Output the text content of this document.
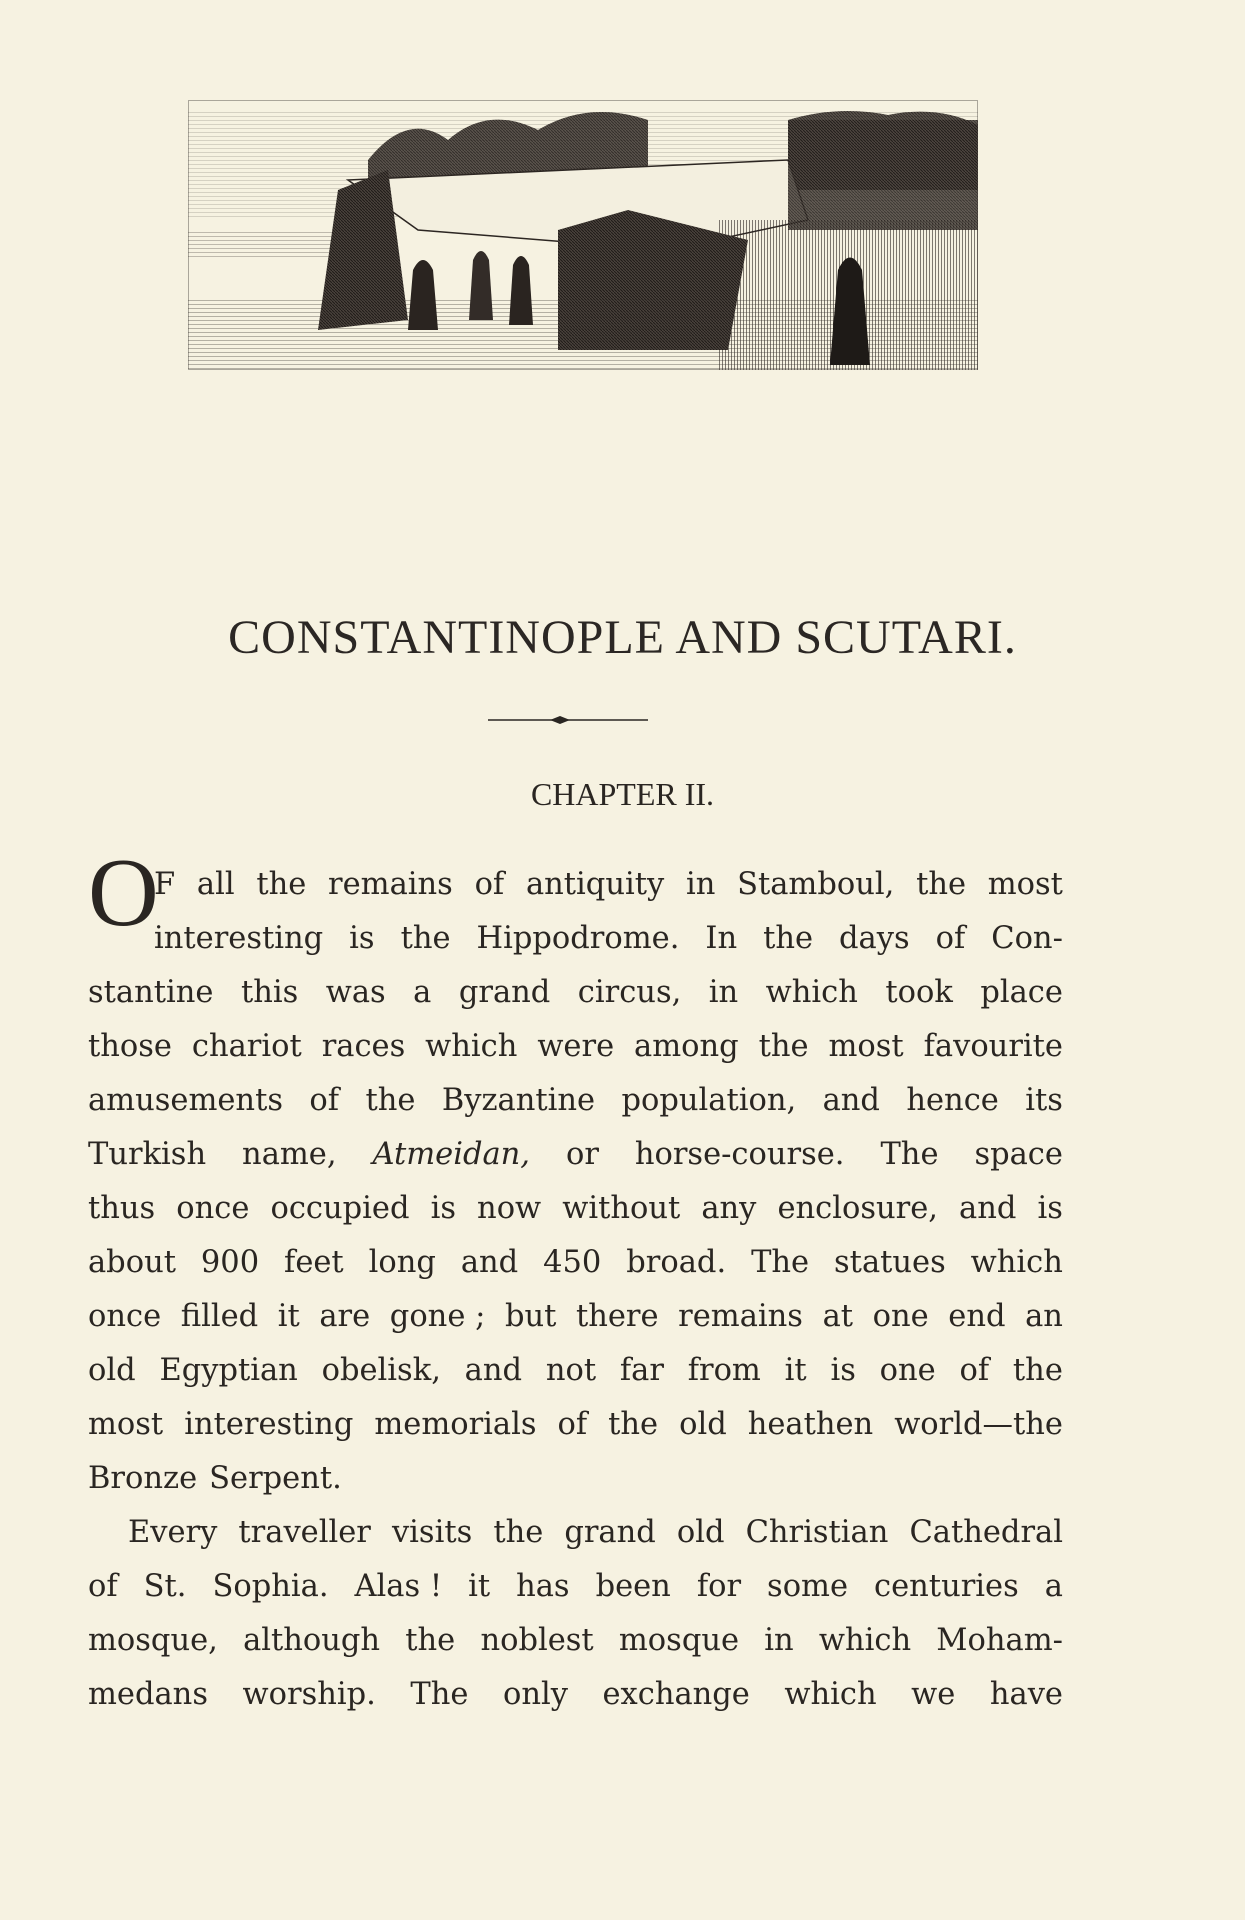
CONSTANTINOPLE AND SCUTARI.
CHAPTER II.
O
F all the remains of antiquity in Stamboul, the most
interesting is the Hippodrome. In the days of Con-
stantine this was a grand circus, in which took place
those chariot races which were among the most favourite
amusements of the Byzantine population, and hence its
Turkish name, Atmeidan, or horse-course. The space
thus once occupied is now without any enclosure, and is
about 900 feet long and 450 broad. The statues which
once filled it are gone ; but there remains at one end an
old Egyptian obelisk, and not far from it is one of the
most interesting memorials of the old heathen world—the
Bronze Serpent.
Every traveller visits the grand old Christian Cathedral
of St. Sophia. Alas ! it has been for some centuries a
mosque, although the noblest mosque in which Moham-
medans worship. The only exchange which we have
